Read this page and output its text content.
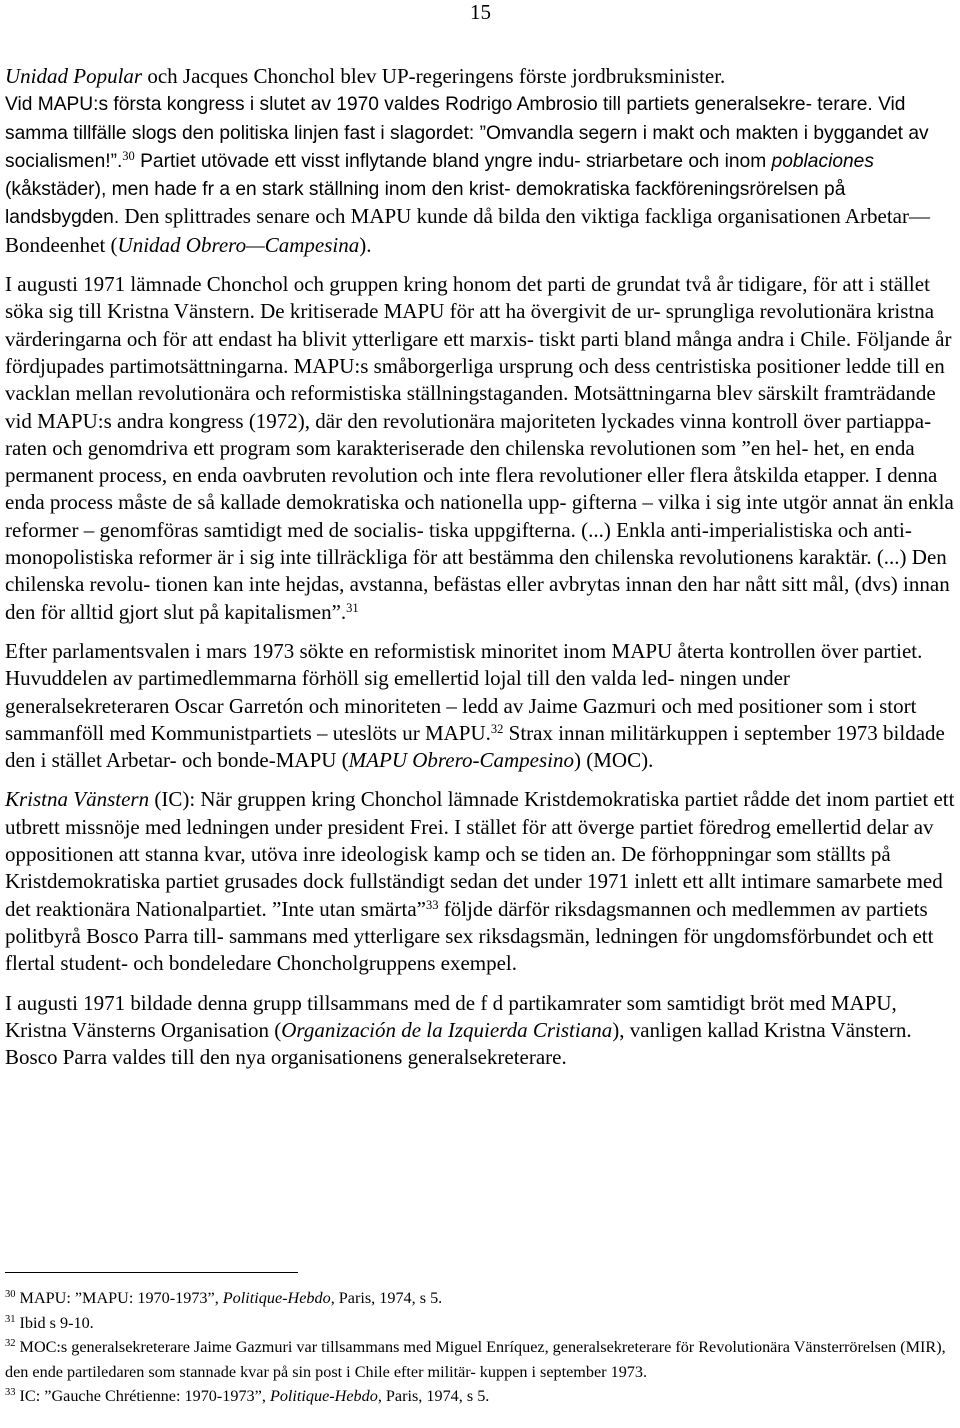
15

Unidad Popular och Jacques Chonchol blev UP-regeringens förste jordbruksminister.
Vid MAPU:s första kongress i slutet av 1970 valdes Rodrigo Ambrosio till partiets generalsekre- terare. Vid samma tillfälle slogs den politiska linjen fast i slagordet: ”Omvandla segern i makt och makten i byggandet av socialismen!”.$^{30}$ Partiet utövade ett visst inflytande bland yngre indu- striarbetare och inom poblaciones (kåkstäder), men hade fr a en stark ställning inom den krist- demokratiska fackföreningsrörelsen på landsbygden. Den splittrades senare och MAPU kunde då bilda den viktiga fackliga organisationen Arbetar—Bondeenhet (Unidad Obrero—Campesina).

I augusti 1971 lämnade Chonchol och gruppen kring honom det parti de grundat två år tidigare, för att i stället söka sig till Kristna Vänstern. De kritiserade MAPU för att ha övergivit de ur- sprungliga revolutionära kristna värderingarna och för att endast ha blivit ytterligare ett marxis- tiskt parti bland många andra i Chile. Följande år fördjupades partimotsättningarna. MAPU:s småborgerliga ursprung och dess centristiska positioner ledde till en vacklan mellan revolutionära och reformistiska ställningstaganden. Motsättningarna blev särskilt framträdande vid MAPU:s andra kongress (1972), där den revolutionära majoriteten lyckades vinna kontroll över partiappa- raten och genomdriva ett program som karakteriserade den chilenska revolutionen som ”en hel- het, en enda permanent process, en enda oavbruten revolution och inte flera revolutioner eller flera åtskilda etapper. I denna enda process måste de så kallade demokratiska och nationella upp- gifterna – vilka i sig inte utgör annat än enkla reformer – genomföras samtidigt med de socialis- tiska uppgifterna. (...) Enkla anti-imperialistiska och anti-monopolistiska reformer är i sig inte tillräckliga för att bestämma den chilenska revolutionens karaktär. (...) Den chilenska revolu- tionen kan inte hejdas, avstanna, befästas eller avbrytas innan den har nått sitt mål, (dvs) innan den för alltid gjort slut på kapitalismen”.$^{31}$

Efter parlamentsvalen i mars 1973 sökte en reformistisk minoritet inom MAPU återta kontrollen över partiet. Huvuddelen av partimedlemmarna förhöll sig emellertid lojal till den valda led- ningen under generalsekreteraren Oscar Garretón och minoriteten – ledd av Jaime Gazmuri och med positioner som i stort sammanföll med Kommunistpartiets – uteslöts ur MAPU.$^{32}$ Strax innan militärkuppen i september 1973 bildade den i stället Arbetar- och bonde-MAPU (MAPU Obrero-Campesino) (MOC).

Kristna Vänstern (IC): När gruppen kring Chonchol lämnade Kristdemokratiska partiet rådde det inom partiet ett utbrett missnöje med ledningen under president Frei. I stället för att överge partiet föredrog emellertid delar av oppositionen att stanna kvar, utöva inre ideologisk kamp och se tiden an. De förhoppningar som ställts på Kristdemokratiska partiet grusades dock fullständigt sedan det under 1971 inlett ett allt intimare samarbete med det reaktionära Nationalpartiet. ”Inte utan smärta”$^{33}$ följde därför riksdagsmannen och medlemmen av partiets politbyrå Bosco Parra till- sammans med ytterligare sex riksdagsmän, ledningen för ungdomsförbundet och ett flertal student- och bondeledare Choncholgruppens exempel.

I augusti 1971 bildade denna grupp tillsammans med de f d partikamrater som samtidigt bröt med MAPU, Kristna Vänsterns Organisation (Organización de la Izquierda Cristiana), vanligen kallad Kristna Vänstern. Bosco Parra valdes till den nya organisationens generalsekreterare.

$^{30}$ MAPU: ”MAPU: 1970-1973”, Politique-Hebdo, Paris, 1974, s 5.

$^{31}$ Ibid s 9-10.

$^{32}$ MOC:s generalsekreterare Jaime Gazmuri var tillsammans med Miguel Enríquez, generalsekreterare för Revolutionära Vänsterrörelsen (MIR), den ende partiledaren som stannade kvar på sin post i Chile efter militär- kuppen i september 1973.

$^{33}$ IC: ”Gauche Chrétienne: 1970-1973”, Politique-Hebdo, Paris, 1974, s 5.
